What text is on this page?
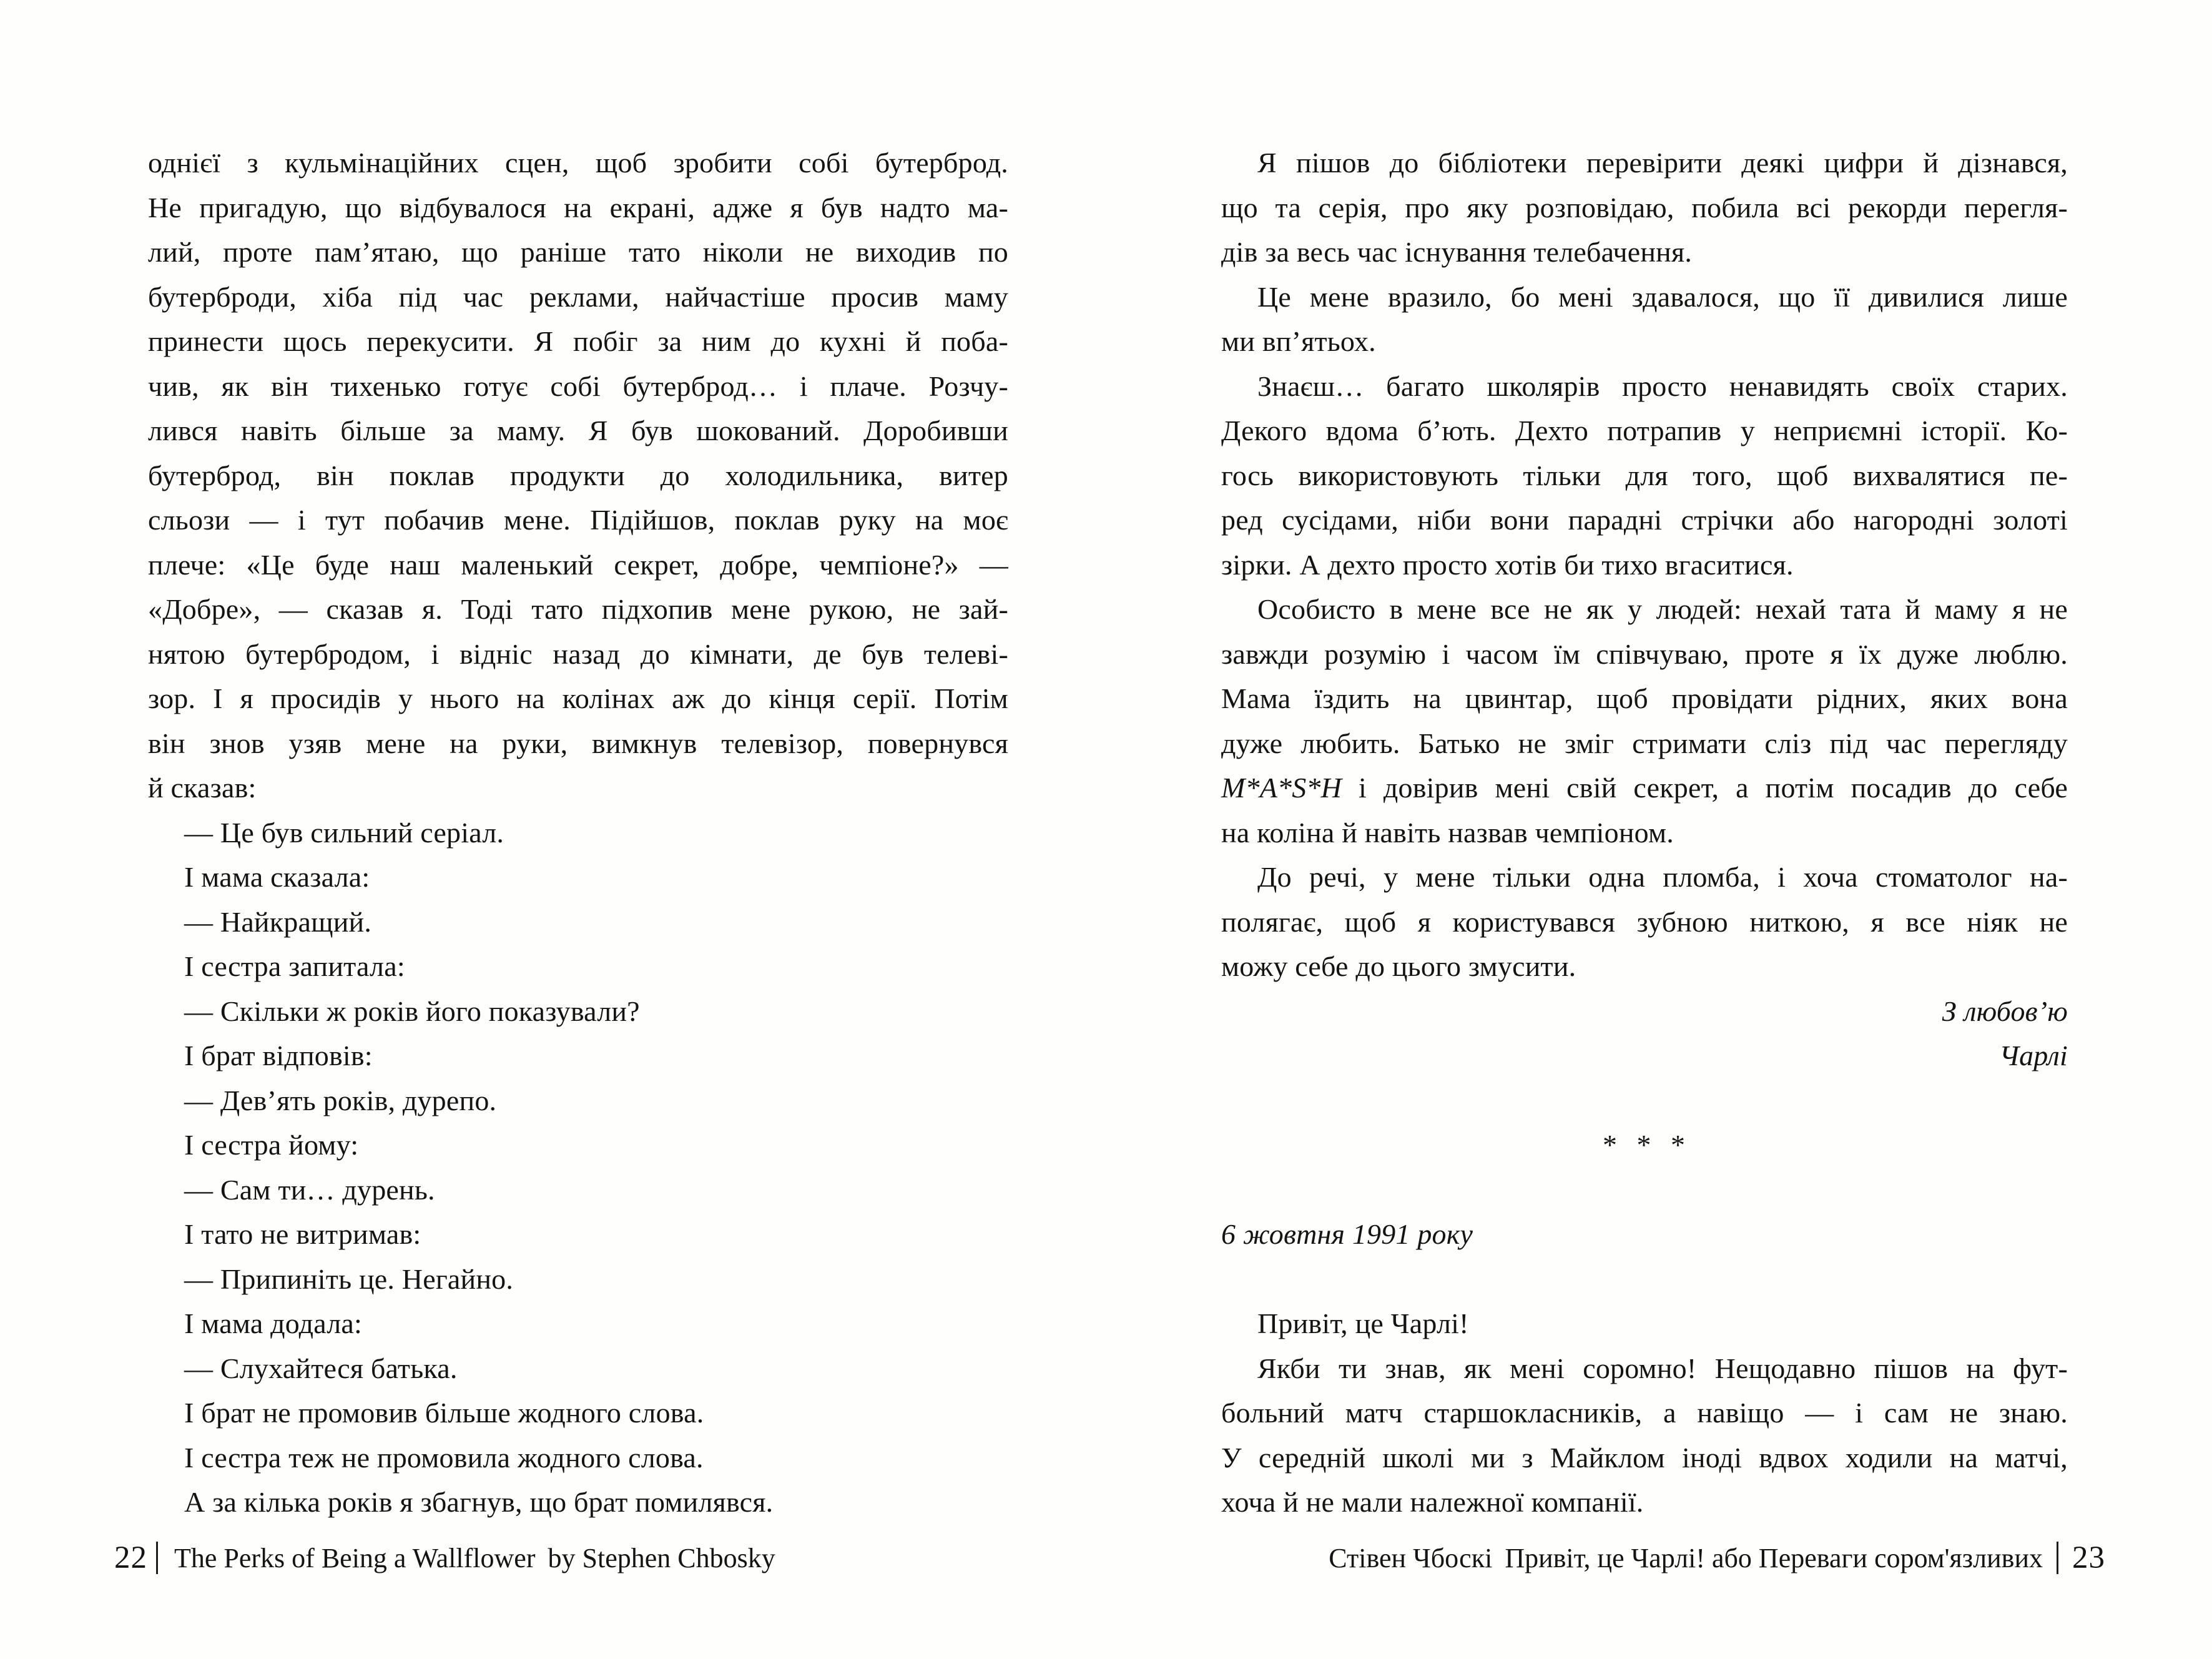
однієї з кульмінаційних сцен, щоб зробити собі бутерброд.
Не пригадую, що відбувалося на екрані, адже я був надто ма-
лий, проте пам’ятаю, що раніше тато ніколи не виходив по
бутерброди, хіба під час реклами, найчастіше просив маму
принести щось перекусити. Я побіг за ним до кухні й поба-
чив, як він тихенько готує собі бутерброд… і плаче. Розчу-
лився навіть більше за маму. Я був шокований. Доробивши
бутерброд, він поклав продукти до холодильника, витер
сльози — і тут побачив мене. Підійшов, поклав руку на моє
плече: «Це буде наш маленький секрет, добре, чемпіоне?» —
«Добре», — сказав я. Тоді тато підхопив мене рукою, не зай-
нятою бутербродом, і відніс назад до кімнати, де був телеві-
зор. І я просидів у нього на колінах аж до кінця серії. Потім
він знов узяв мене на руки, вимкнув телевізор, повернувся
й сказав:
— Це був сильний серіал.
І мама сказала:
— Найкращий.
І сестра запитала:
— Скільки ж років його показували?
І брат відповів:
— Дев’ять років, дурепо.
І сестра йому:
— Сам ти… дурень.
І тато не витримав:
— Припиніть це. Негайно.
І мама додала:
— Слухайтеся батька.
І брат не промовив більше жодного слова.
І сестра теж не промовила жодного слова.
А за кілька років я збагнув, що брат помилявся.
Я пішов до бібліотеки перевірити деякі цифри й дізнався,
що та серія, про яку розповідаю, побила всі рекорди перегля-
дів за весь час існування телебачення.
Це мене вразило, бо мені здавалося, що її дивилися лише
ми вп’ятьох.
Знаєш… багато школярів просто ненавидять своїх старих.
Декого вдома б’ють. Дехто потрапив у неприємні історії. Ко-
гось використовують тільки для того, щоб вихвалятися пе-
ред сусідами, ніби вони парадні стрічки або нагородні золоті
зірки. А дехто просто хотів би тихо вгаситися.
Особисто в мене все не як у людей: нехай тата й маму я не
завжди розумію і часом їм співчуваю, проте я їх дуже люблю.
Мама їздить на цвинтар, щоб провідати рідних, яких вона
дуже любить. Батько не зміг стримати сліз під час перегляду
M*A*S*H і довірив мені свій секрет, а потім посадив до себе
на коліна й навіть назвав чемпіоном.
До речі, у мене тільки одна пломба, і хоча стоматолог на-
полягає, щоб я користувався зубною ниткою, я все ніяк не
можу себе до цього змусити.
З любов’ю
Чарлі
* * *
6 жовтня 1991 року
Привіт, це Чарлі!
Якби ти знав, як мені соромно! Нещодавно пішов на фут-
больний матч старшокласників, а навіщо — і сам не знаю.
У середній школі ми з Майклом іноді вдвох ходили на матчі,
хоча й не мали належної компанії.
22 The Perks of Being a Wallflower by Stephen Chbosky	Стівен Чбоскі Привіт, це Чарлі! або Переваги сором'язливих 23
